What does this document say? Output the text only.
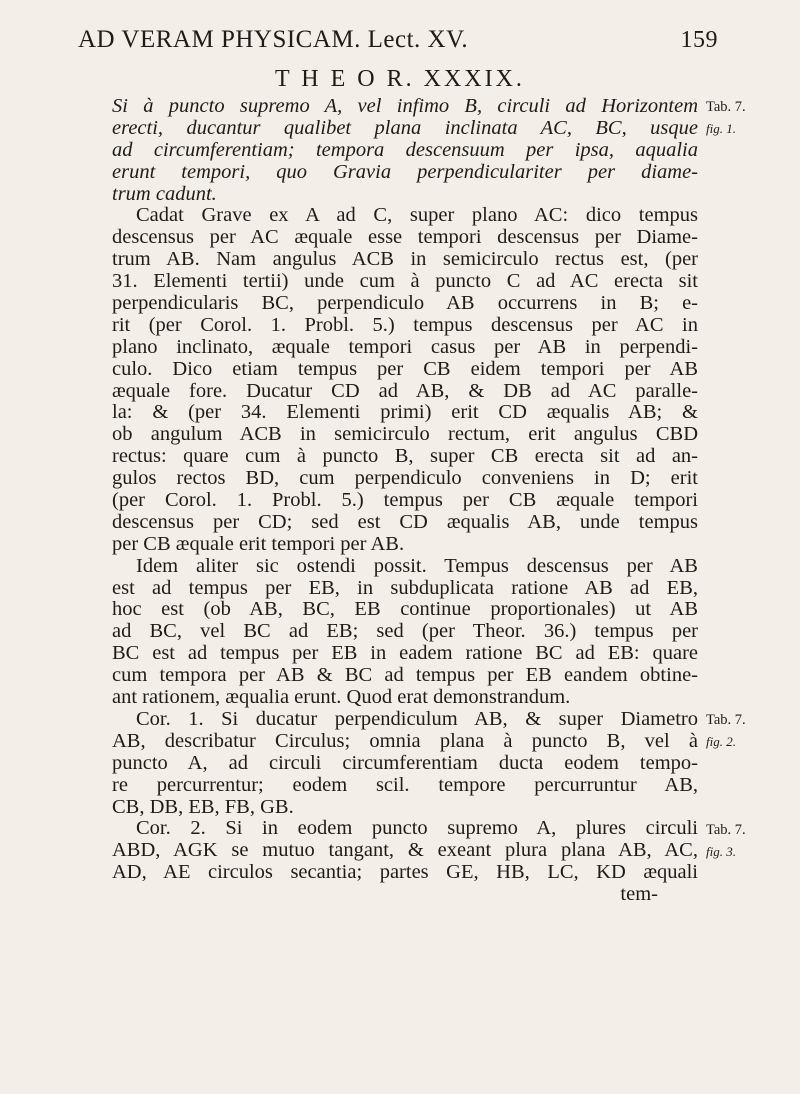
AD VERAM PHYSICAM. Lect. XV.	159
T H E O R. XXXIX.
Si à puncto supremo A, vel infimo B, circuli ad Horizontem
erecti, ducantur qualibet plana inclinata AC, BC, usque
ad circumferentiam; tempora descensuum per ipsa, aqualia
erunt tempori, quo Gravia perpendiculariter per diame-
trum cadunt.
Cadat Grave ex A ad C, super plano AC: dico tempus
descensus per AC æquale esse tempori descensus per Diame-
trum AB. Nam angulus ACB in semicirculo rectus est, (per
31. Elementi tertii) unde cum à puncto C ad AC erecta sit
perpendicularis BC, perpendiculo AB occurrens in B; e-
rit (per Corol. 1. Probl. 5.) tempus descensus per AC in
plano inclinato, æquale tempori casus per AB in perpendi-
culo. Dico etiam tempus per CB eidem tempori per AB
æquale fore. Ducatur CD ad AB, & DB ad AC paralle-
la: & (per 34. Elementi primi) erit CD æqualis AB; &
ob angulum ACB in semicirculo rectum, erit angulus CBD
rectus: quare cum à puncto B, super CB erecta sit ad an-
gulos rectos BD, cum perpendiculo conveniens in D; erit
(per Corol. 1. Probl. 5.) tempus per CB æquale tempori
descensus per CD; sed est CD æqualis AB, unde tempus
per CB æquale erit tempori per AB.
Idem aliter sic ostendi possit. Tempus descensus per AB
est ad tempus per EB, in subduplicata ratione AB ad EB,
hoc est (ob AB, BC, EB continue proportionales) ut AB
ad BC, vel BC ad EB; sed (per Theor. 36.) tempus per
BC est ad tempus per EB in eadem ratione BC ad EB: quare
cum tempora per AB & BC ad tempus per EB eandem obtine-
ant rationem, æqualia erunt. Quod erat demonstrandum.
Cor. 1. Si ducatur perpendiculum AB, & super Diametro
AB, describatur Circulus; omnia plana à puncto B, vel à
puncto A, ad circuli circumferentiam ducta eodem tempo-
re percurrentur; eodem scil. tempore percurruntur AB,
CB, DB, EB, FB, GB.
Cor. 2. Si in eodem puncto supremo A, plures circuli
ABD, AGK se mutuo tangant, & exeant plura plana AB, AC,
AD, AE circulos secantia; partes GE, HB, LC, KD æquali
tem-
Tab. 7.
fig. 1.
Tab. 7.
fig. 2.
Tab. 7.
fig. 3.
